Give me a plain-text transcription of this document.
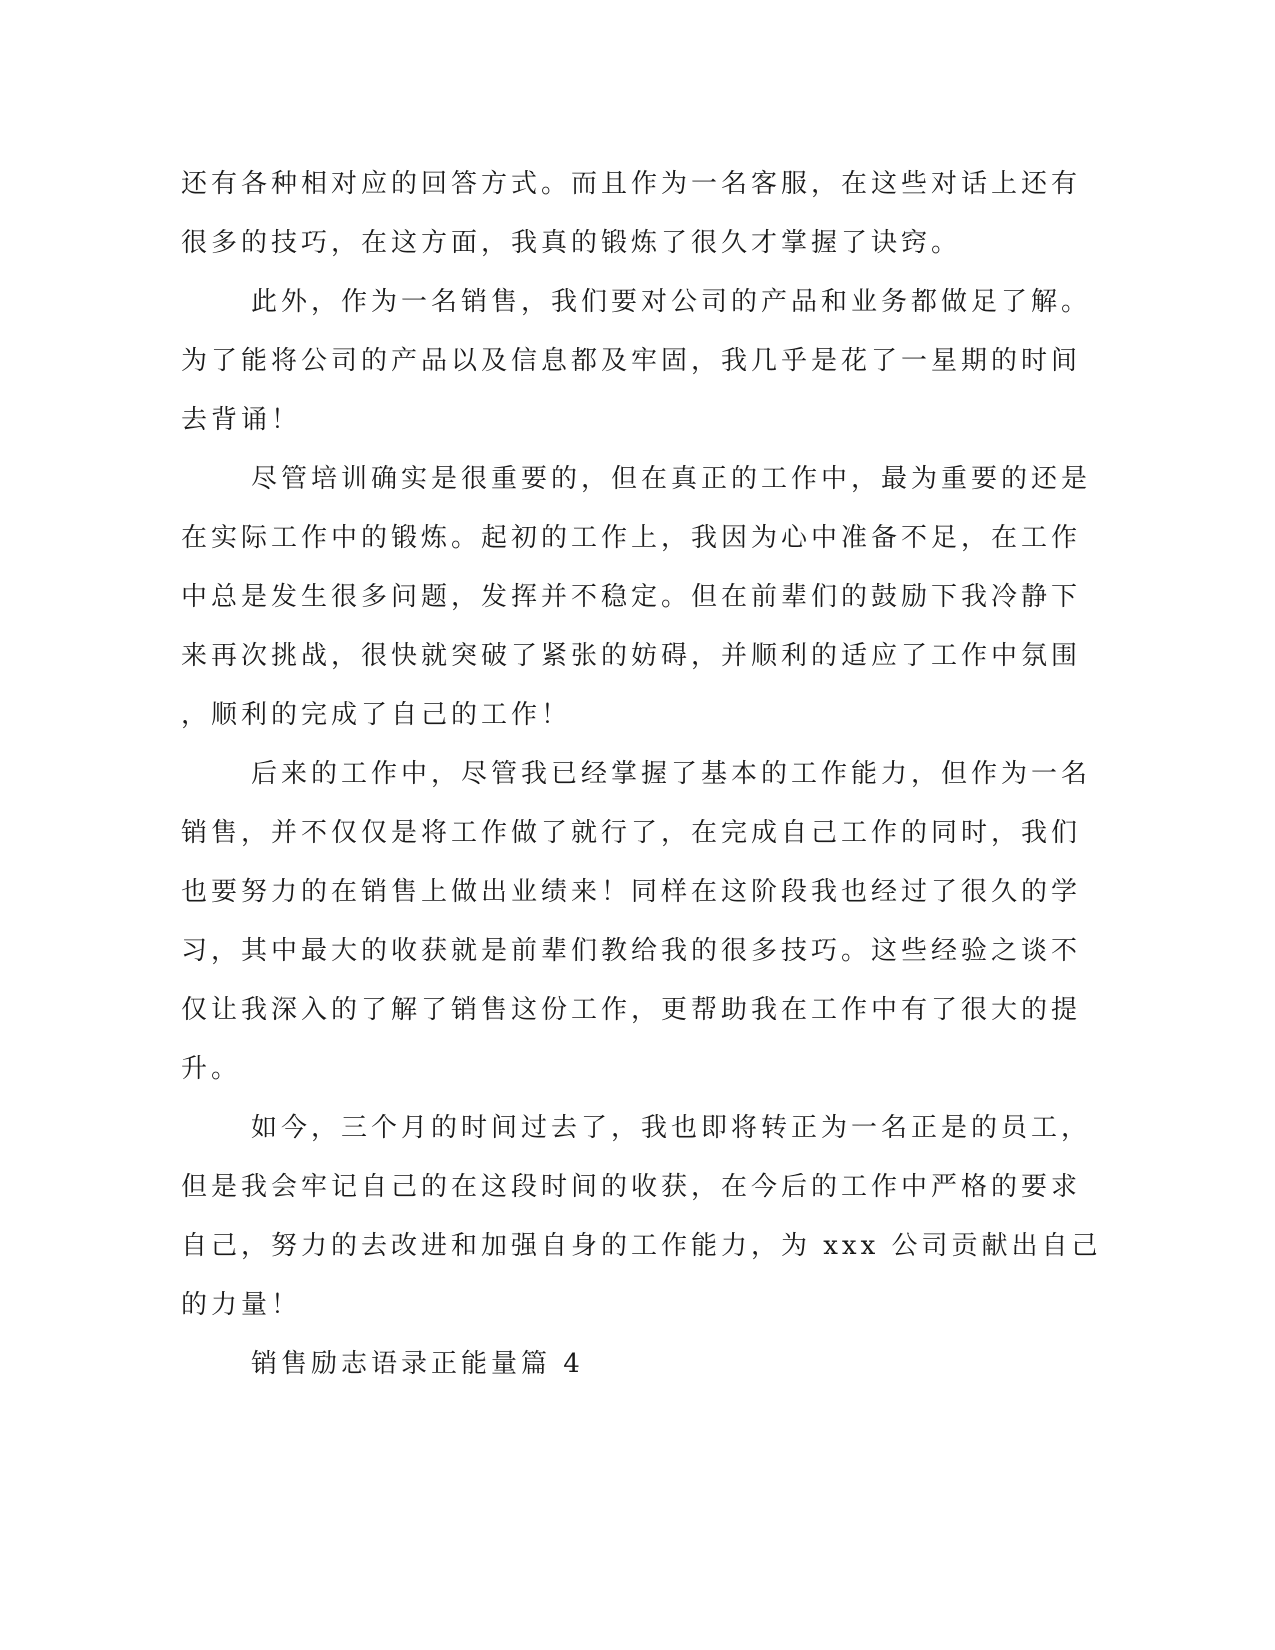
还有各种相对应的回答方式。而且作为一名客服，在这些对话上还有
很多的技巧，在这方面，我真的锻炼了很久才掌握了诀窍。
此外，作为一名销售，我们要对公司的产品和业务都做足了解。
为了能将公司的产品以及信息都及牢固，我几乎是花了一星期的时间
去背诵！
尽管培训确实是很重要的，但在真正的工作中，最为重要的还是
在实际工作中的锻炼。起初的工作上，我因为心中准备不足，在工作
中总是发生很多问题，发挥并不稳定。但在前辈们的鼓励下我冷静下
来再次挑战，很快就突破了紧张的妨碍，并顺利的适应了工作中氛围
，顺利的完成了自己的工作！
后来的工作中，尽管我已经掌握了基本的工作能力，但作为一名
销售，并不仅仅是将工作做了就行了，在完成自己工作的同时，我们
也要努力的在销售上做出业绩来！同样在这阶段我也经过了很久的学
习，其中最大的收获就是前辈们教给我的很多技巧。这些经验之谈不
仅让我深入的了解了销售这份工作，更帮助我在工作中有了很大的提
升。
如今，三个月的时间过去了，我也即将转正为一名正是的员工，
但是我会牢记自己的在这段时间的收获，在今后的工作中严格的要求
自己，努力的去改进和加强自身的工作能力，为 xxx 公司贡献出自己
的力量！
销售励志语录正能量篇 4
